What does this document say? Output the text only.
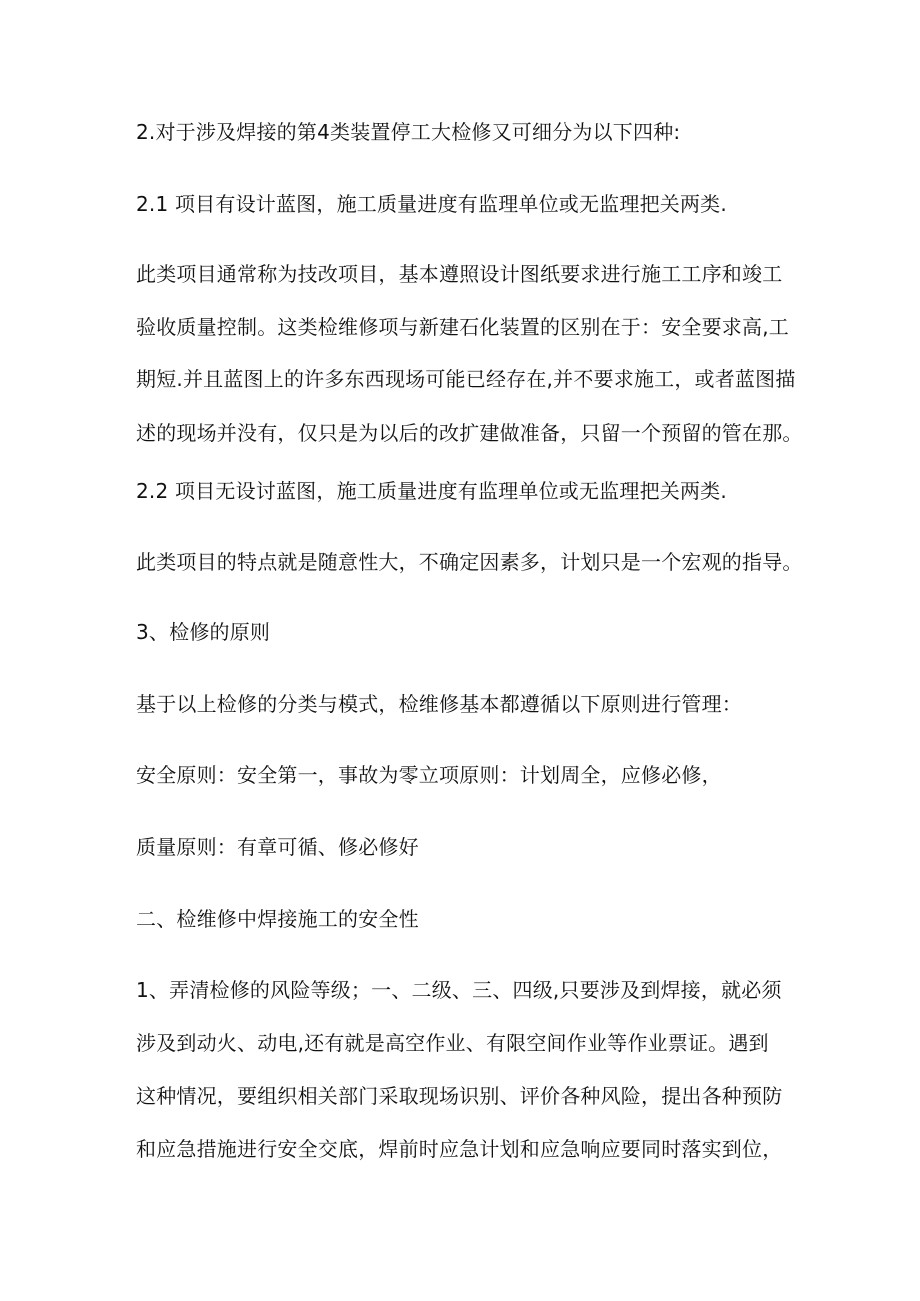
2.对于涉及焊接的第4类装置停工大检修又可细分为以下四种:

2.1 项目有设计蓝图，施工质量进度有监理单位或无监理把关两类.

此类项目通常称为技改项目，基本遵照设计图纸要求进行施工工序和竣工

验收质量控制。这类检维修项与新建石化装置的区别在于：安全要求高,工

期短.并且蓝图上的许多东西现场可能已经存在,并不要求施工，或者蓝图描

述的现场并没有，仅只是为以后的改扩建做准备，只留一个预留的管在那。

2.2 项目无设讨蓝图，施工质量进度有监理单位或无监理把关两类.

此类项目的特点就是随意性大，不确定因素多，计划只是一个宏观的指导。

3、检修的原则

基于以上检修的分类与模式，检维修基本都遵循以下原则进行管理：

安全原则：安全第一，事故为零立项原则：计划周全，应修必修，

质量原则：有章可循、修必修好

二、检维修中焊接施工的安全性

1、弄清检修的风险等级；一、二级、三、四级,只要涉及到焊接，就必须

涉及到动火、动电,还有就是高空作业、有限空间作业等作业票证。遇到

这种情况，要组织相关部门采取现场识别、评价各种风险，提出各种预防

和应急措施进行安全交底，焊前时应急计划和应急响应要同时落实到位，
